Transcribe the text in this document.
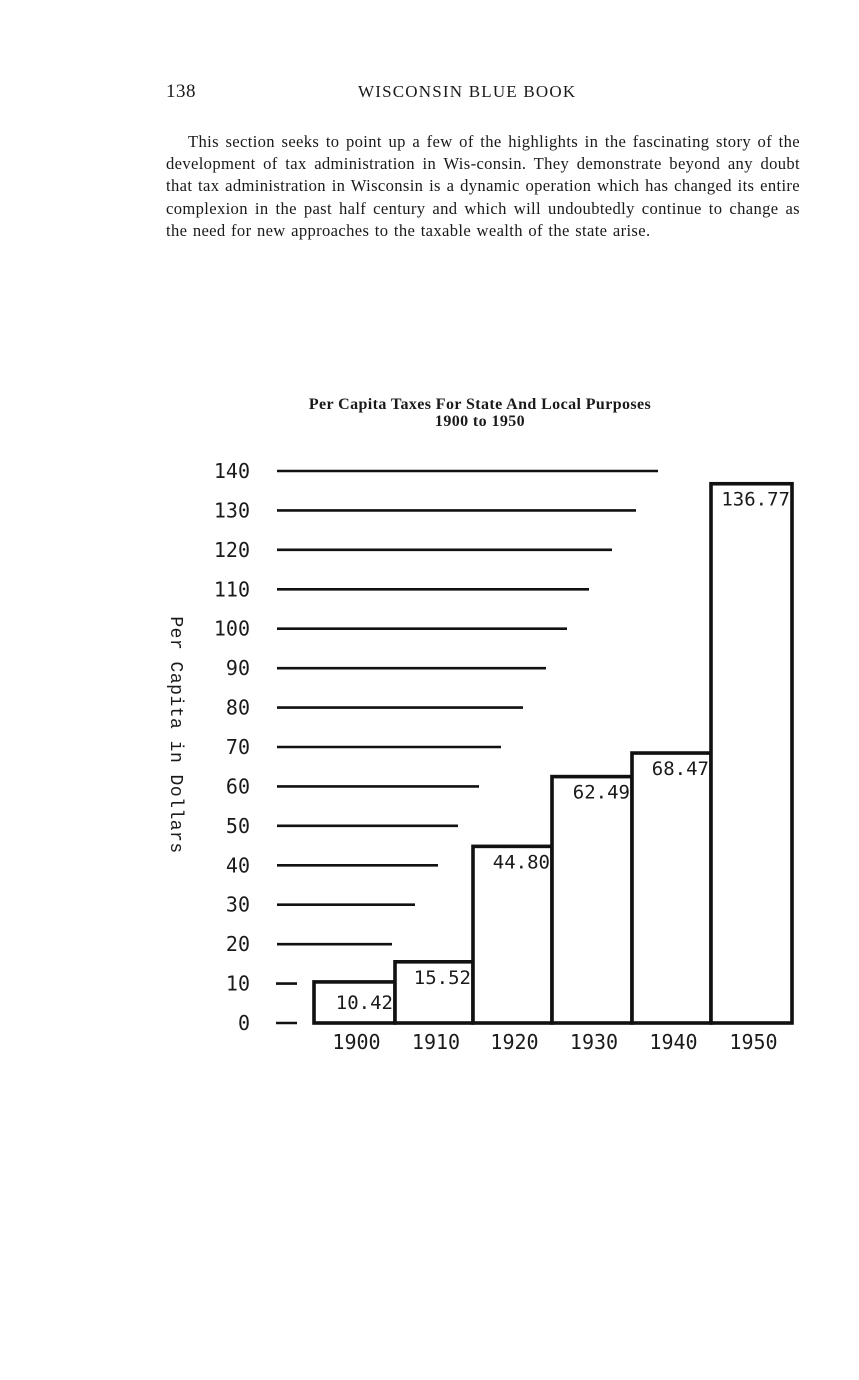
138	WISCONSIN BLUE BOOK

This section seeks to point up a few of the highlights in the fascinating story of the development of tax administration in Wis-consin. They demonstrate beyond any doubt that tax administration in Wisconsin is a dynamic operation which has changed its entire complexion in the past half century and which will undoubtedly continue to change as the need for new approaches to the taxable wealth of the state arise.

Per Capita Taxes For State And Local Purposes
1900 to 1950
Per Capita in Dollars
0
10
20
30
40
50
60
70
80
90
100
110
120
130
140
10.42
15.52
44.80
62.49
68.47
136.77
1900 1910 1920 1930 1940 1950
